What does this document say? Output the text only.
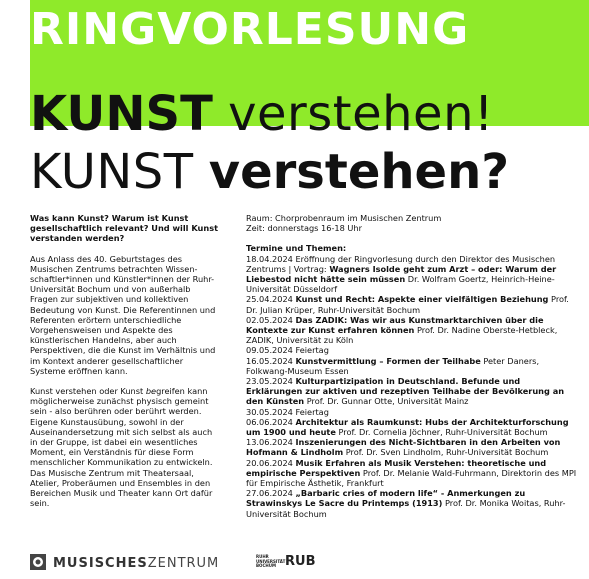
RINGVORLESUNG
KUNST verstehen!
KUNST verstehen?

Was kann Kunst? Warum ist Kunst gesellschaftlich relevant? Und will Kunst verstanden werden?

Aus Anlass des 40. Geburtstages des Musischen Zentrums betrachten Wissenschaftler*innen und Künstler*innen der Ruhr-Universität Bochum und von außerhalb Fragen zur subjektiven und kollektiven Bedeutung von Kunst. Die Referentinnen und Referenten erörtern unterschiedliche Vorgehensweisen und Aspekte des künstlerischen Handelns, aber auch Perspektiven, die die Kunst im Verhältnis und im Kontext anderer gesellschaftlicher Systeme eröffnen kann.

Kunst verstehen oder Kunst begreifen kann möglicherweise zunächst physisch gemeint sein - also berühren oder berührt werden. Eigene Kunstausübung, sowohl in der Auseinandersetzung mit sich selbst als auch in der Gruppe, ist dabei ein wesentliches Moment, ein Verständnis für diese Form menschlicher Kommunikation zu entwickeln. Das Musische Zentrum mit Theatersaal, Atelier, Proberäumen und Ensembles in den Bereichen Musik und Theater kann Ort dafür sein.

Raum: Chorprobenraum im Musischen Zentrum

Zeit: donnerstags 16-18 Uhr

Termine und Themen:

18.04.2024 Eröffnung der Ringvorlesung durch den Direktor des Musischen Zentrums | Vortrag: Wagners Isolde geht zum Arzt – oder: Warum der Liebestod nicht hätte sein müssen Dr. Wolfram Goertz, Heinrich-Heine-Universität Düsseldorf

25.04.2024 Kunst und Recht: Aspekte einer vielfältigen Beziehung Prof. Dr. Julian Krüper, Ruhr-Universität Bochum

02.05.2024 Das ZADIK: Was wir aus Kunstmarktarchiven über die Kontexte zur Kunst erfahren können Prof. Dr. Nadine Oberste-Hetbleck, ZADIK, Universität zu Köln

09.05.2024 Feiertag

16.05.2024 Kunstvermittlung – Formen der Teilhabe Peter Daners, Folkwang-Museum Essen

23.05.2024 Kulturpartizipation in Deutschland. Befunde und Erklärungen zur aktiven und rezeptiven Teilhabe der Bevölkerung an den Künsten Prof. Dr. Gunnar Otte, Universität Mainz

30.05.2024 Feiertag

06.06.2024 Architektur als Raumkunst: Hubs der Architekturforschung um 1900 und heute Prof. Dr. Cornelia Jöchner, Ruhr-Universität Bochum

13.06.2024 Inszenierungen des Nicht-Sichtbaren in den Arbeiten von Hofmann & Lindholm Prof. Dr. Sven Lindholm, Ruhr-Universität Bochum

20.06.2024 Musik Erfahren als Musik Verstehen: theoretische und empirische Perspektiven Prof. Dr. Melanie Wald-Fuhrmann, Direktorin des MPI für Empirische Ästhetik, Frankfurt

27.06.2024 „Barbaric cries of modern life“ - Anmerkungen zu Strawinskys Le Sacre du Printemps (1913) Prof. Dr. Monika Woitas, Ruhr-Universität Bochum

MUSISCHESZENTRUM	RUHR UNIVERSITÄT BOCHUM RUB
